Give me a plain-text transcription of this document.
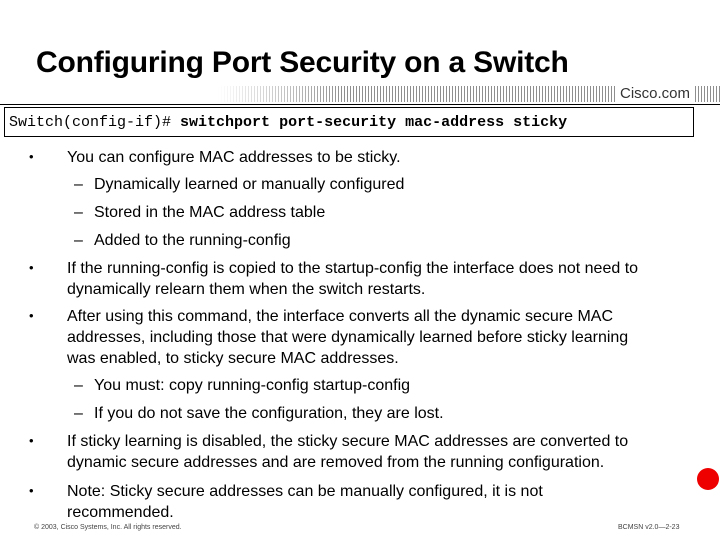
Configuring Port Security on a Switch
Cisco.com
Switch(config-if)# switchport port-security mac-address sticky
• You can configure MAC addresses to be sticky.
– Dynamically learned or manually configured
– Stored in the MAC address table
– Added to the running-config
• If the running-config is copied to the startup-config the interface does not need to
dynamically relearn them when the switch restarts.
• After using this command, the interface converts all the dynamic secure MAC
addresses, including those that were dynamically learned before sticky learning
was enabled, to sticky secure MAC addresses.
– You must: copy running-config startup-config
– If you do not save the configuration, they are lost.
• If sticky learning is disabled, the sticky secure MAC addresses are converted to
dynamic secure addresses and are removed from the running configuration.
• Note: Sticky secure addresses can be manually configured, it is not
recommended.
© 2003, Cisco Systems, Inc. All rights reserved.	BCMSN v2.0—2-23
